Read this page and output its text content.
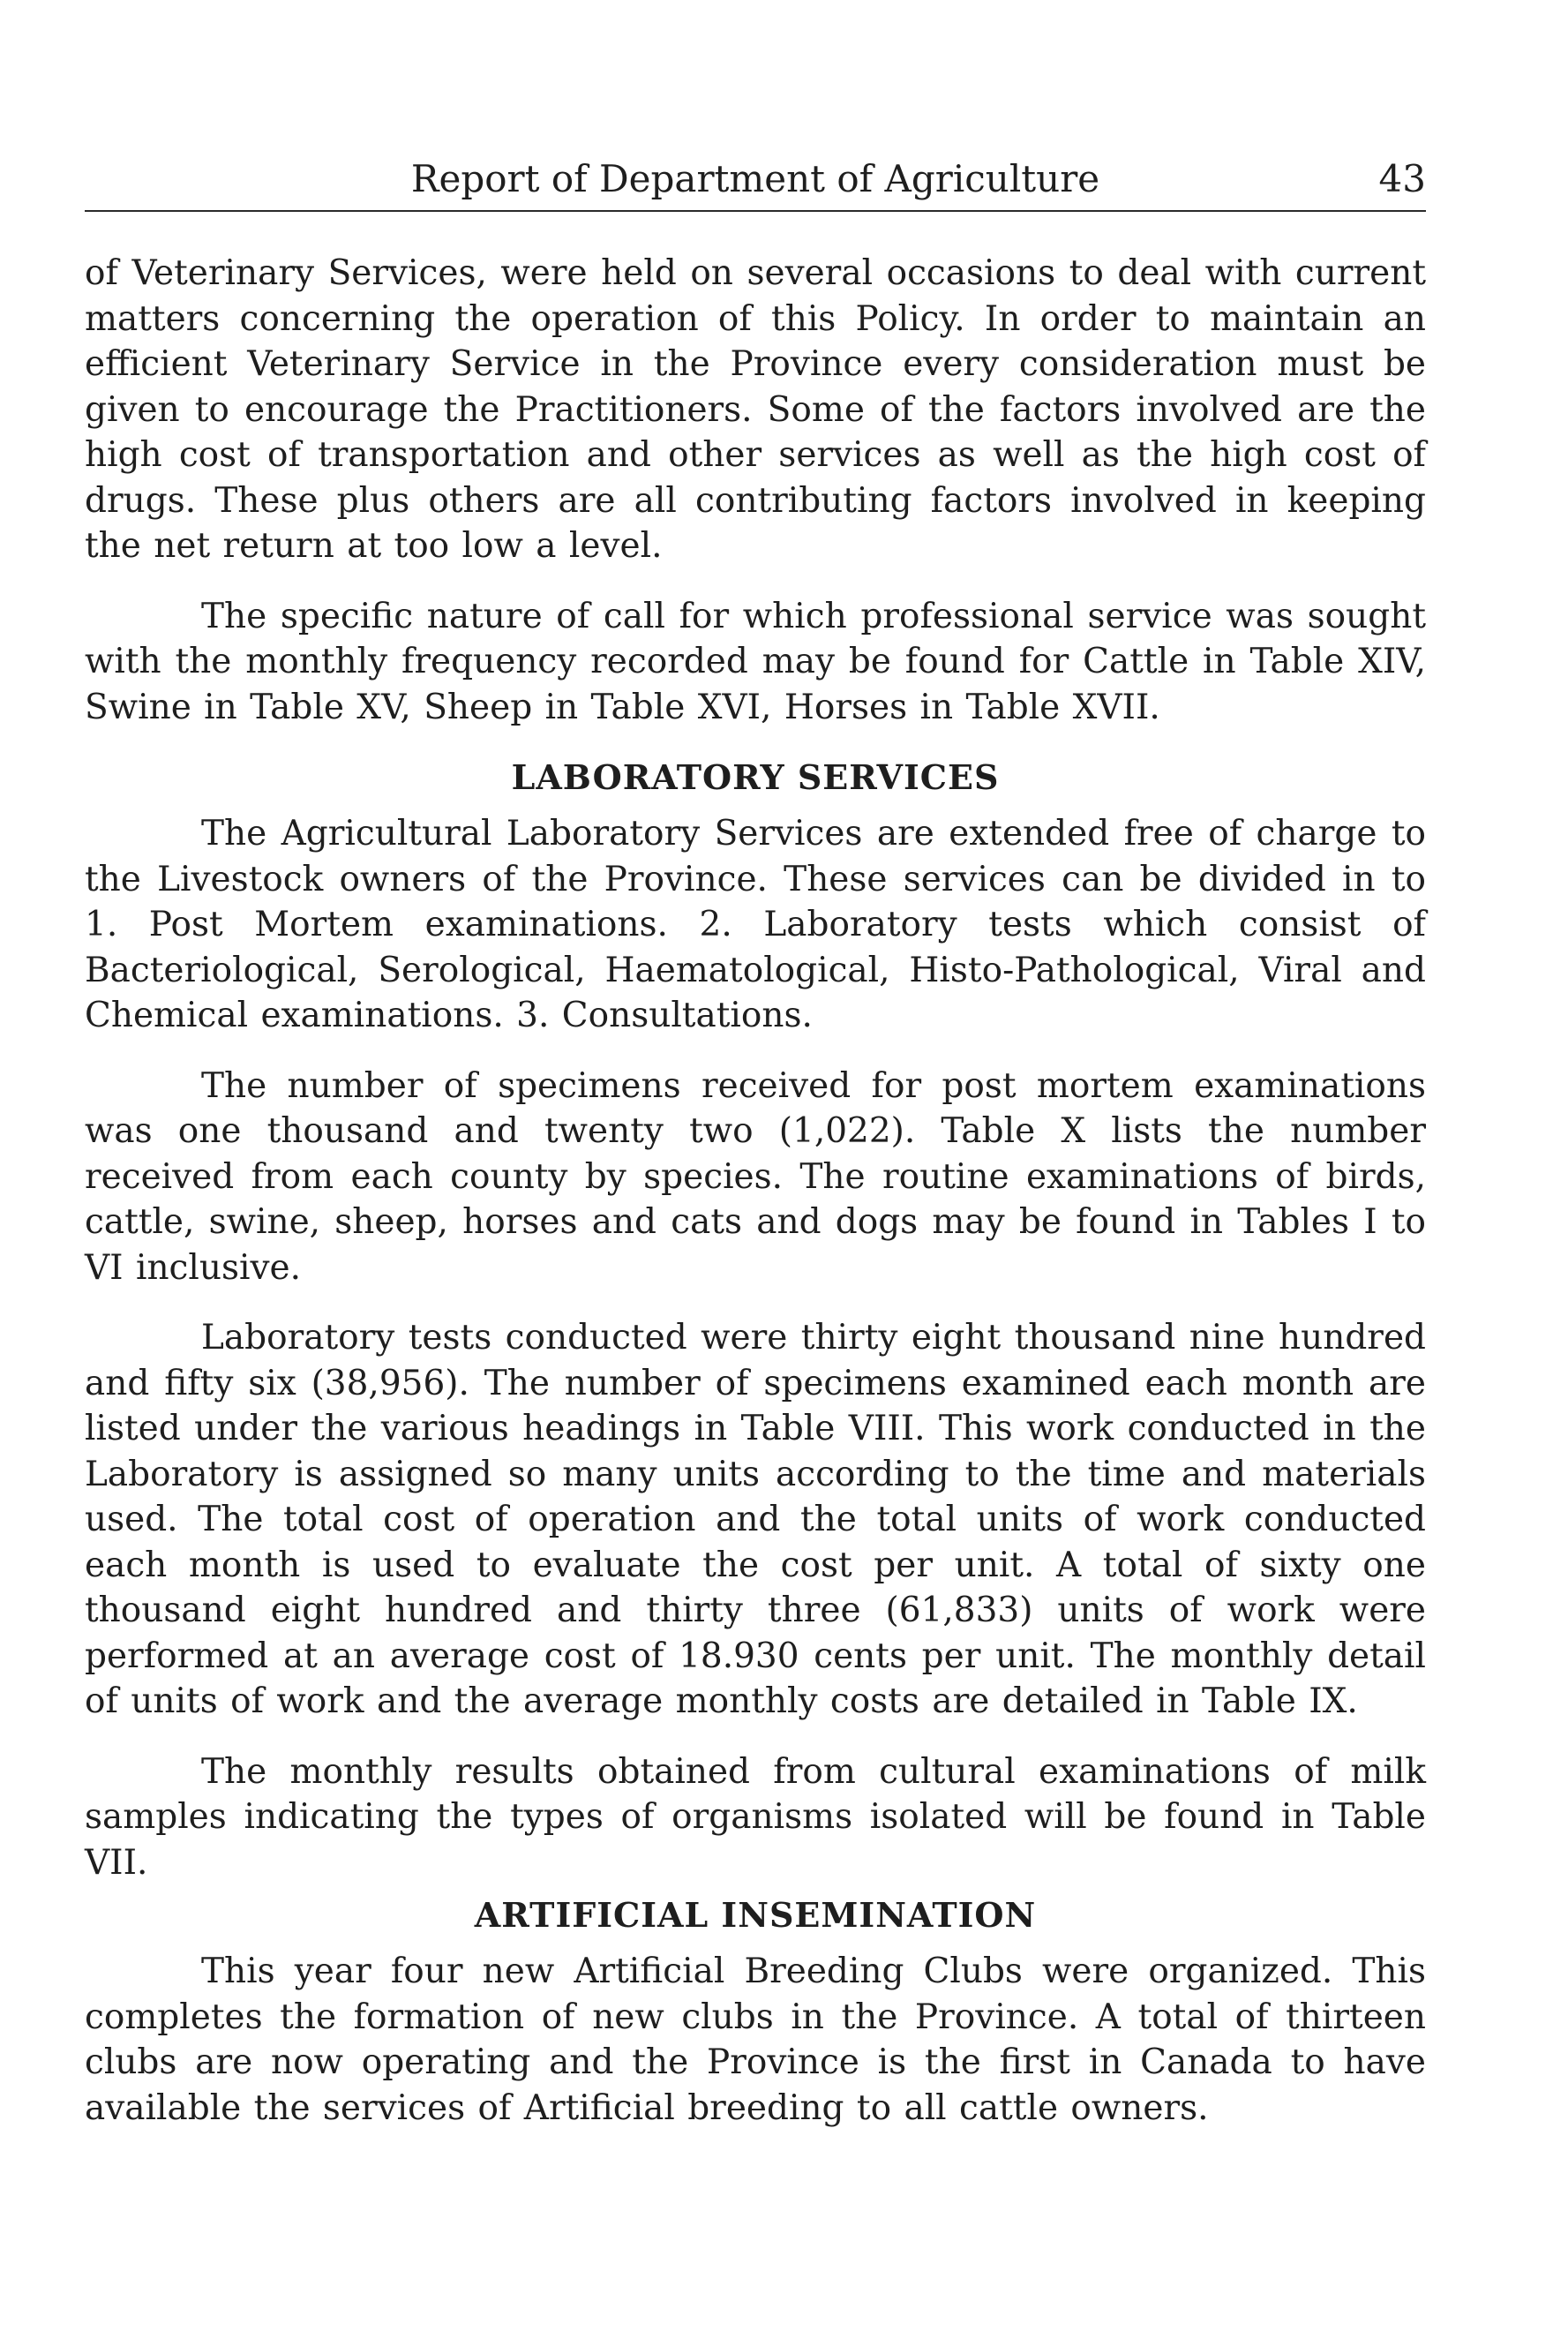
Report of Department of Agriculture	43

of Veterinary Services, were held on several occasions to deal with current matters concerning the operation of this Policy. In order to maintain an efficient Veterinary Service in the Province every consideration must be given to encourage the Practitioners. Some of the factors involved are the high cost of transportation and other services as well as the high cost of drugs. These plus others are all contributing factors involved in keeping the net return at too low a level.

The specific nature of call for which professional service was sought with the monthly frequency recorded may be found for Cattle in Table XIV, Swine in Table XV, Sheep in Table XVI, Horses in Table XVII.

LABORATORY SERVICES

The Agricultural Laboratory Services are extended free of charge to the Livestock owners of the Province. These services can be divided in to 1. Post Mortem examinations. 2. Laboratory tests which consist of Bacteriological, Serological, Haematological, Histo-Pathological, Viral and Chemical examinations. 3. Consultations.

The number of specimens received for post mortem examinations was one thousand and twenty two (1,022). Table X lists the number received from each county by species. The routine examinations of birds, cattle, swine, sheep, horses and cats and dogs may be found in Tables I to VI inclusive.

Laboratory tests conducted were thirty eight thousand nine hundred and fifty six (38,956). The number of specimens examined each month are listed under the various headings in Table VIII. This work conducted in the Laboratory is assigned so many units according to the time and materials used. The total cost of operation and the total units of work conducted each month is used to evaluate the cost per unit. A total of sixty one thousand eight hundred and thirty three (61,833) units of work were performed at an average cost of 18.930 cents per unit. The monthly detail of units of work and the average monthly costs are detailed in Table IX.

The monthly results obtained from cultural examinations of milk samples indicating the types of organisms isolated will be found in Table VII.

ARTIFICIAL INSEMINATION

This year four new Artificial Breeding Clubs were organized. This completes the formation of new clubs in the Province. A total of thirteen clubs are now operating and the Province is the first in Canada to have available the services of Artificial breeding to all cattle owners.
